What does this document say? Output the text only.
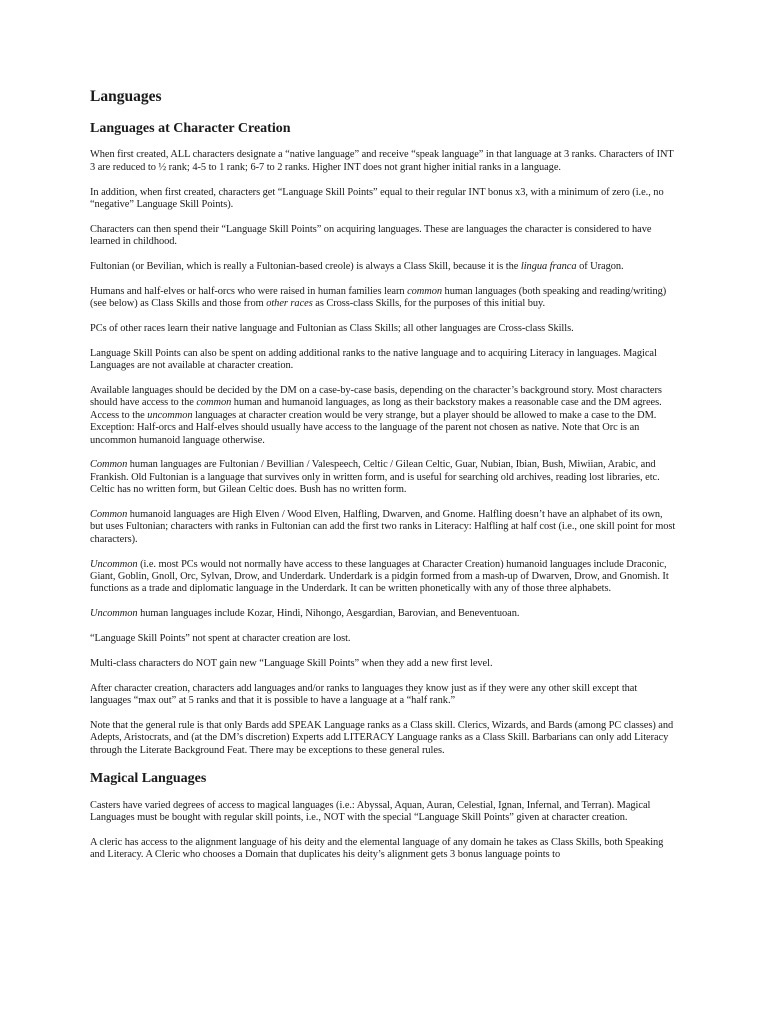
Languages
Languages at Character Creation

When first created, ALL characters designate a “native language” and receive “speak language” in that language at 3 ranks. Characters of INT 3 are reduced to ½ rank; 4-5 to 1 rank; 6-7 to 2 ranks. Higher INT does not grant higher initial ranks in a language.

In addition, when first created, characters get “Language Skill Points” equal to their regular INT bonus x3, with a minimum of zero (i.e., no “negative” Language Skill Points).

Characters can then spend their “Language Skill Points” on acquiring languages. These are languages the character is considered to have learned in childhood.

Fultonian (or Bevilian, which is really a Fultonian-based creole) is always a Class Skill, because it is the lingua franca of Uragon.

Humans and half-elves or half-orcs who were raised in human families learn common human languages (both speaking and reading/writing) (see below) as Class Skills and those from other races as Cross-class Skills, for the purposes of this initial buy.

PCs of other races learn their native language and Fultonian as Class Skills; all other languages are Cross-class Skills.

Language Skill Points can also be spent on adding additional ranks to the native language and to acquiring Literacy in languages. Magical Languages are not available at character creation.

Available languages should be decided by the DM on a case-by-case basis, depending on the character’s background story. Most characters should have access to the common human and humanoid languages, as long as their backstory makes a reasonable case and the DM agrees. Access to the uncommon languages at character creation would be very strange, but a player should be allowed to make a case to the DM. Exception: Half-orcs and Half-elves should usually have access to the language of the parent not chosen as native. Note that Orc is an uncommon humanoid language otherwise.

Common human languages are Fultonian / Bevillian / Valespeech, Celtic / Gilean Celtic, Guar, Nubian, Ibian, Bush, Miwiian, Arabic, and Frankish. Old Fultonian is a language that survives only in written form, and is useful for searching old archives, reading lost libraries, etc. Celtic has no written form, but Gilean Celtic does. Bush has no written form.

Common humanoid languages are High Elven / Wood Elven, Halfling, Dwarven, and Gnome. Halfling doesn’t have an alphabet of its own, but uses Fultonian; characters with ranks in Fultonian can add the first two ranks in Literacy: Halfling at half cost (i.e., one skill point for most characters).

Uncommon (i.e. most PCs would not normally have access to these languages at Character Creation) humanoid languages include Draconic, Giant, Goblin, Gnoll, Orc, Sylvan, Drow, and Underdark. Underdark is a pidgin formed from a mash-up of Dwarven, Drow, and Gnomish. It functions as a trade and diplomatic language in the Underdark. It can be written phonetically with any of those three alphabets.

Uncommon human languages include Kozar, Hindi, Nihongo, Aesgardian, Barovian, and Beneventuoan.

“Language Skill Points” not spent at character creation are lost.

Multi-class characters do NOT gain new “Language Skill Points” when they add a new first level.

After character creation, characters add languages and/or ranks to languages they know just as if they were any other skill except that languages “max out” at 5 ranks and that it is possible to have a language at a “half rank.”

Note that the general rule is that only Bards add SPEAK Language ranks as a Class skill. Clerics, Wizards, and Bards (among PC classes) and Adepts, Aristocrats, and (at the DM’s discretion) Experts add LITERACY Language ranks as a Class Skill. Barbarians can only add Literacy through the Literate Background Feat. There may be exceptions to these general rules.

Magical Languages

Casters have varied degrees of access to magical languages (i.e.: Abyssal, Aquan, Auran, Celestial, Ignan, Infernal, and Terran). Magical Languages must be bought with regular skill points, i.e., NOT with the special “Language Skill Points” given at character creation.

A cleric has access to the alignment language of his deity and the elemental language of any domain he takes as Class Skills, both Speaking and Literacy. A Cleric who chooses a Domain that duplicates his deity’s alignment gets 3 bonus language points to
